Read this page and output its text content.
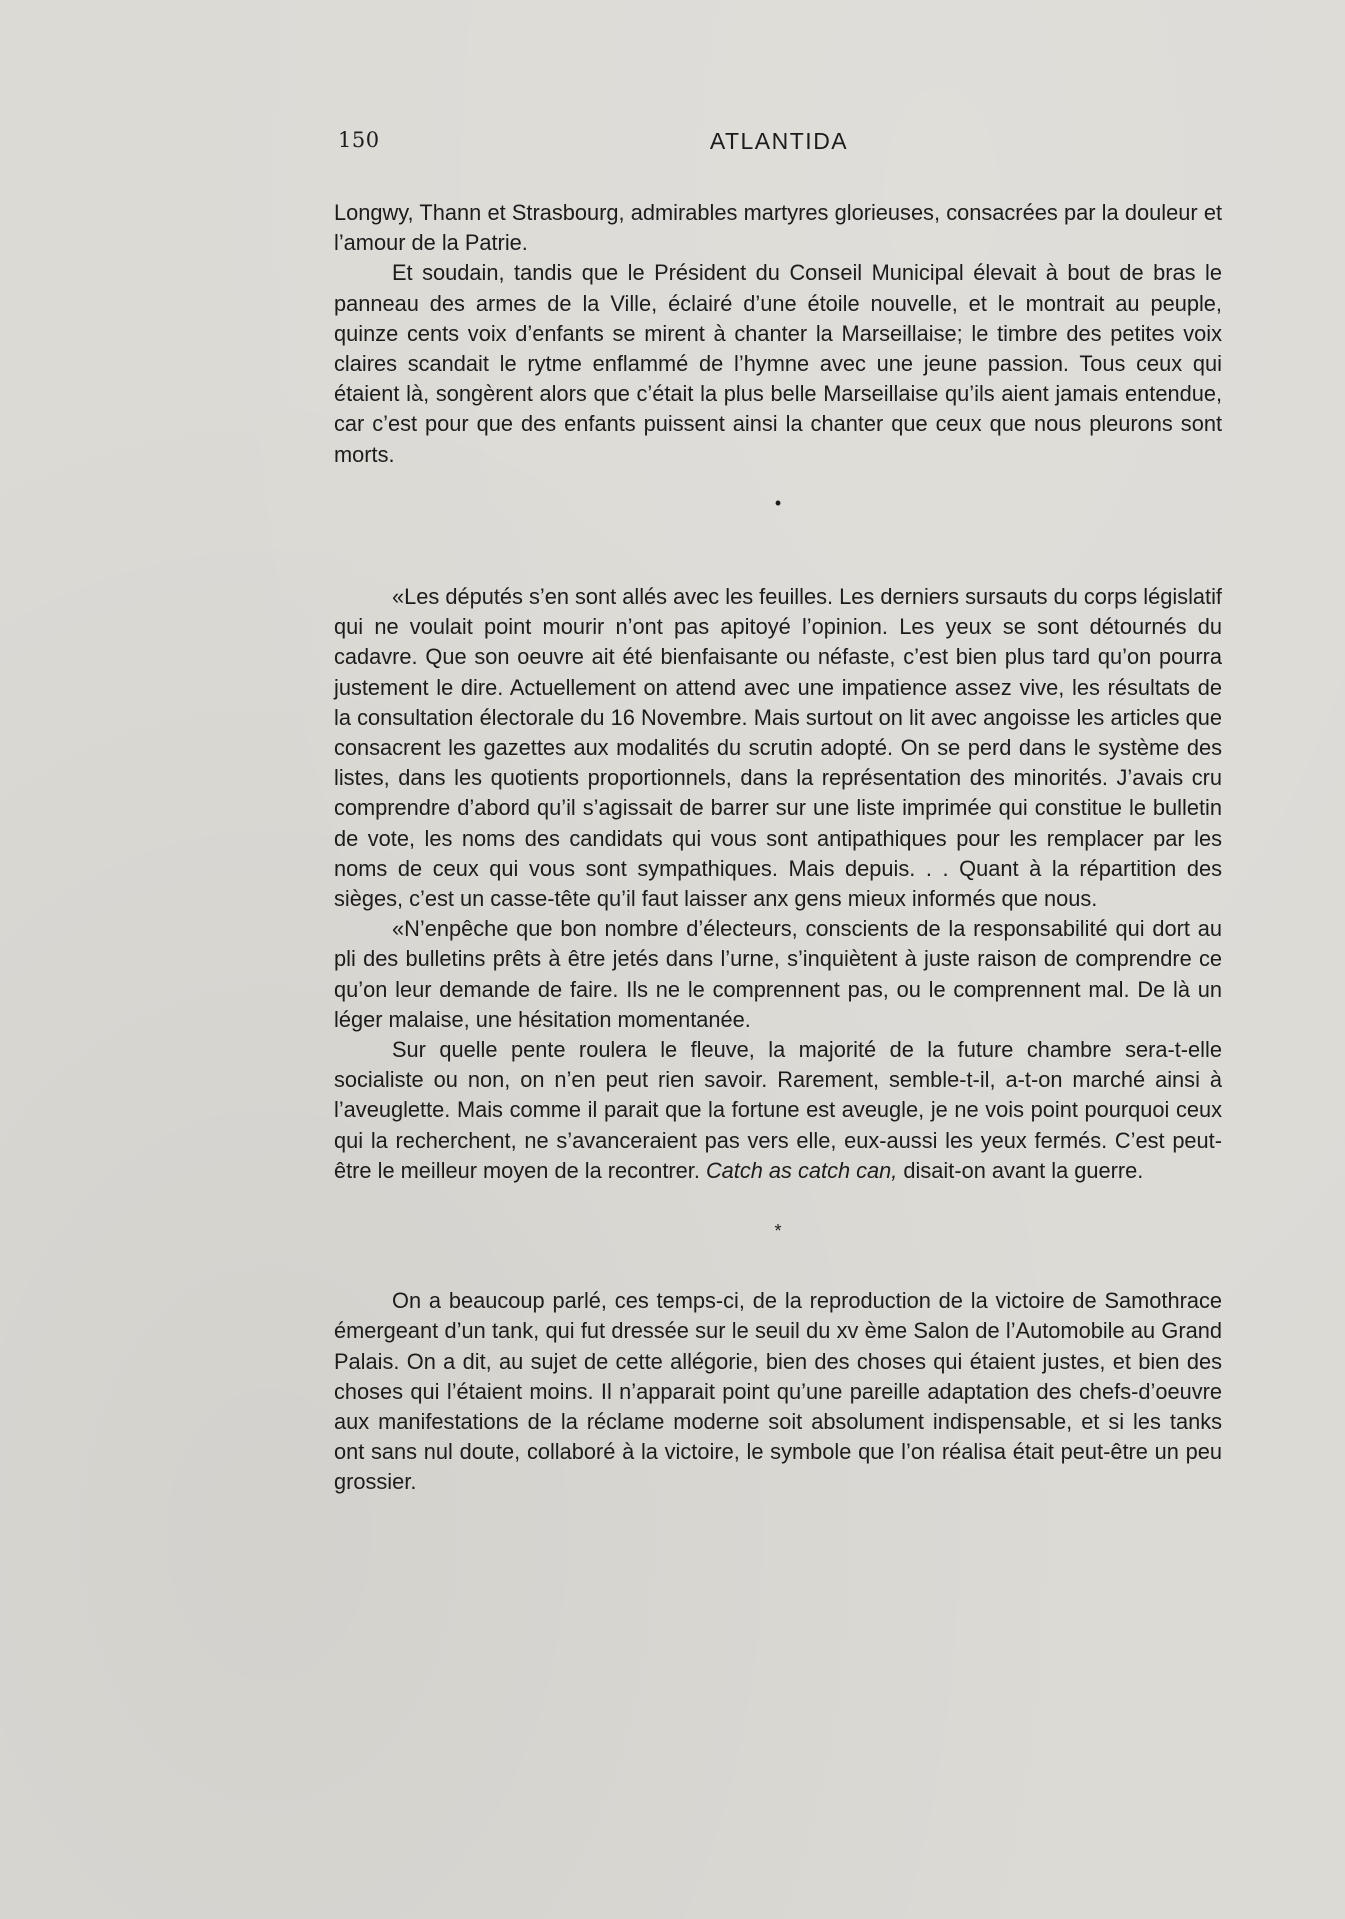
150	ATLANTIDA

Longwy, Thann et Strasbourg, admirables martyres glorieuses, consacrées par la douleur et l’amour de la Patrie.

Et soudain, tandis que le Président du Conseil Municipal élevait à bout de bras le panneau des armes de la Ville, éclairé d’une étoile nouvelle, et le montrait au peuple, quinze cents voix d’enfants se mirent à chanter la Marseillaise; le timbre des petites voix claires scandait le rytme enflammé de l’hymne avec une jeune passion. Tous ceux qui étaient là, songèrent alors que c’était la plus belle Marseillaise qu’ils aient jamais entendue, car c’est pour que des enfants puissent ainsi la chanter que ceux que nous pleurons sont morts.

•

«Les députés s’en sont allés avec les feuilles. Les derniers sursauts du corps législatif qui ne voulait point mourir n’ont pas apitoyé l’opinion. Les yeux se sont détournés du cadavre. Que son oeuvre ait été bienfaisante ou néfaste, c’est bien plus tard qu’on pourra justement le dire. Actuellement on attend avec une impatience assez vive, les résultats de la consultation électorale du 16 Novembre. Mais surtout on lit avec angoisse les articles que consacrent les gazettes aux modalités du scrutin adopté. On se perd dans le système des listes, dans les quotients proportionnels, dans la représentation des minorités. J’avais cru comprendre d’abord qu’il s’agissait de barrer sur une liste imprimée qui constitue le bulletin de vote, les noms des candidats qui vous sont antipathiques pour les remplacer par les noms de ceux qui vous sont sympathiques. Mais depuis. . . Quant à la répartition des sièges, c’est un casse-tête qu’il faut laisser anx gens mieux informés que nous.

«N’enpêche que bon nombre d’électeurs, conscients de la responsabilité qui dort au pli des bulletins prêts à être jetés dans l’urne, s’inquiètent à juste raison de comprendre ce qu’on leur demande de faire. Ils ne le comprennent pas, ou le comprennent mal. De là un léger malaise, une hésitation momentanée.

Sur quelle pente roulera le fleuve, la majorité de la future chambre sera-t-elle socialiste ou non, on n’en peut rien savoir. Rarement, semble-t-il, a-t-on marché ainsi à l’aveuglette. Mais comme il parait que la fortune est aveugle, je ne vois point pourquoi ceux qui la recherchent, ne s’avanceraient pas vers elle, eux-aussi les yeux fermés. C’est peut-être le meilleur moyen de la recontrer. Catch as catch can, disait-on avant la guerre.

*

On a beaucoup parlé, ces temps-ci, de la reproduction de la victoire de Samothrace émergeant d’un tank, qui fut dressée sur le seuil du xv ème Salon de l’Automobile au Grand Palais. On a dit, au sujet de cette allégorie, bien des choses qui étaient justes, et bien des choses qui l’étaient moins. Il n’apparait point qu’une pareille adaptation des chefs-d’oeuvre aux manifestations de la réclame moderne soit absolument indispensable, et si les tanks ont sans nul doute, collaboré à la victoire, le symbole que l’on réalisa était peut-être un peu grossier.
